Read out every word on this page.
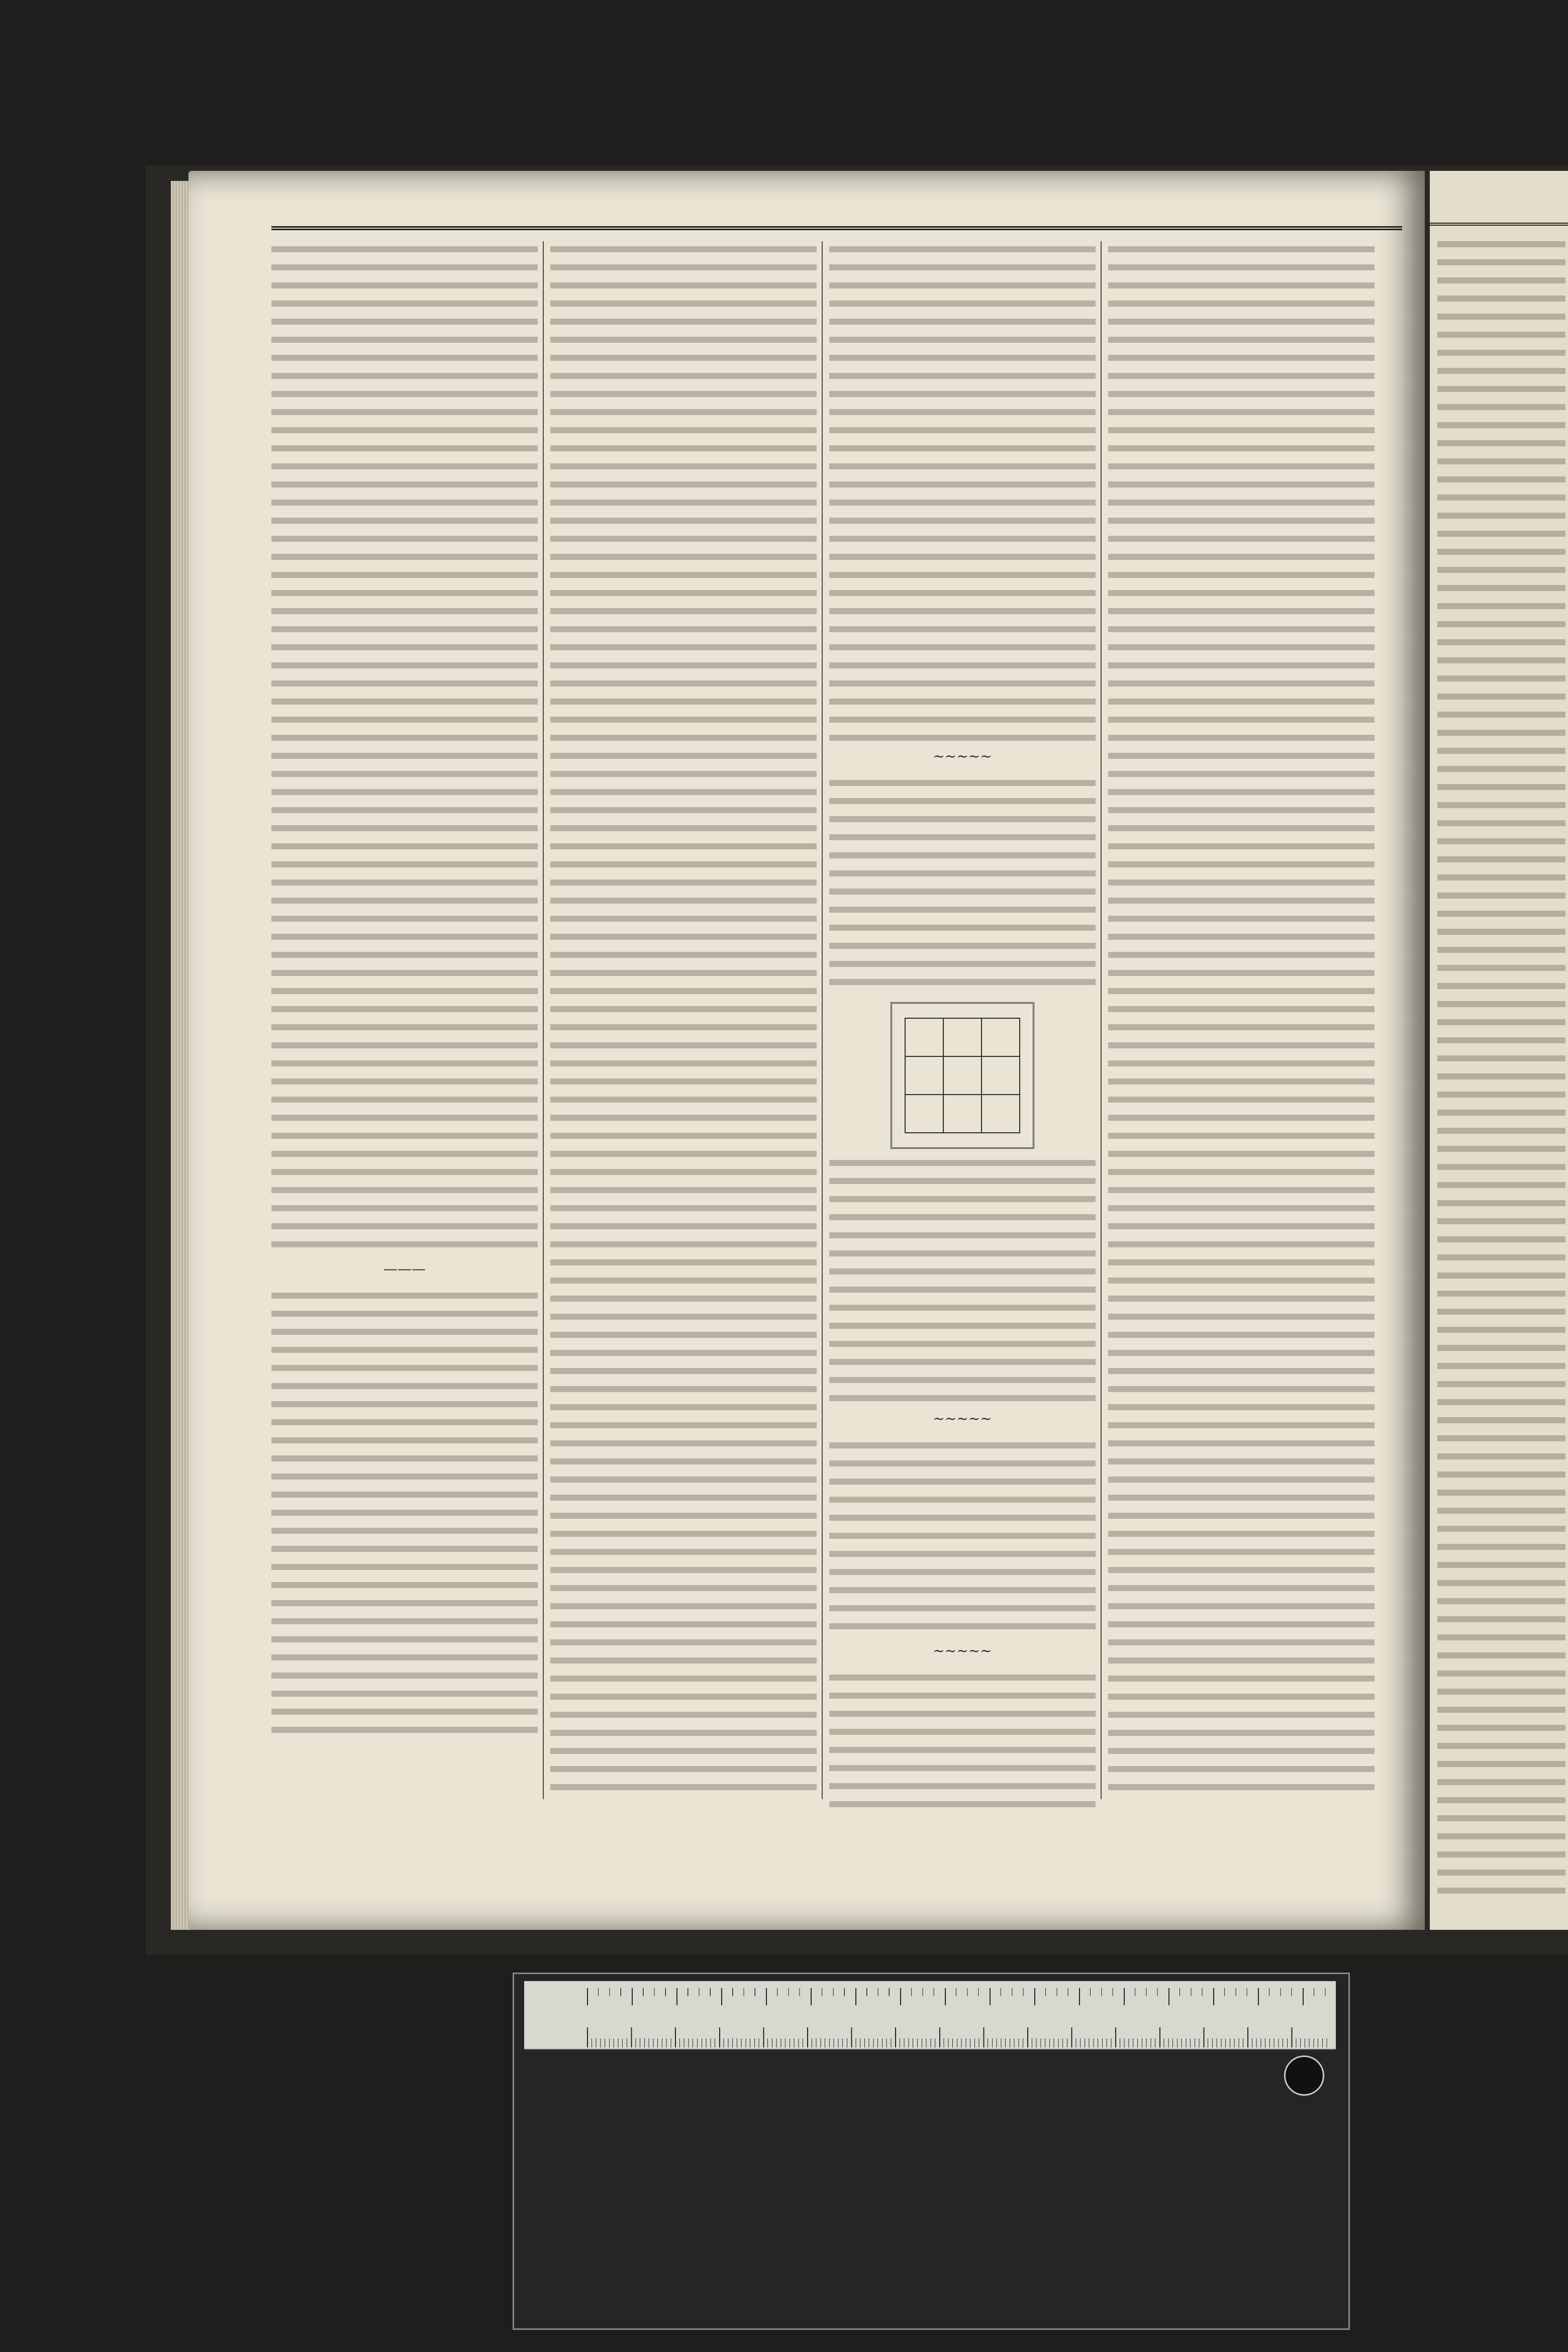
———
~~~~~

~~~~~
~~~~~
